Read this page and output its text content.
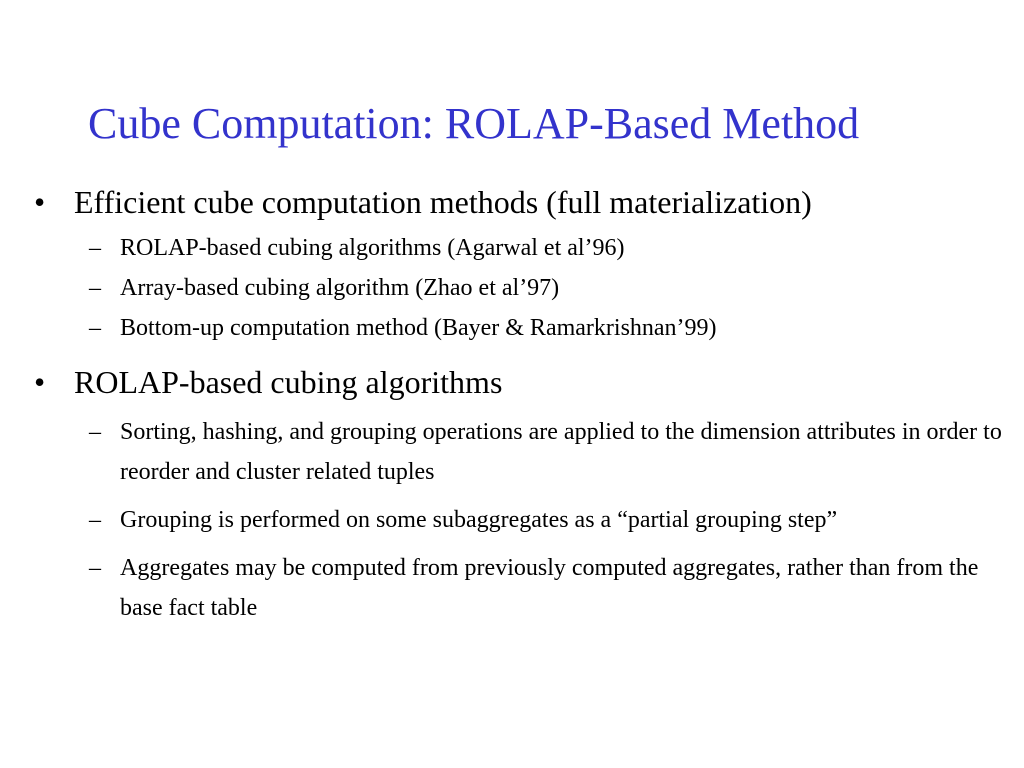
Cube Computation: ROLAP-Based Method
• Efficient cube computation methods (full materialization)
– ROLAP-based cubing algorithms (Agarwal et al’96)
– Array-based cubing algorithm (Zhao et al’97)
– Bottom-up computation method (Bayer & Ramarkrishnan’99)
• ROLAP-based cubing algorithms
– Sorting, hashing, and grouping operations are applied to the dimension attributes in order to reorder and cluster related tuples
– Grouping is performed on some subaggregates as a “partial grouping step”
– Aggregates may be computed from previously computed aggregates, rather than from the base fact table
